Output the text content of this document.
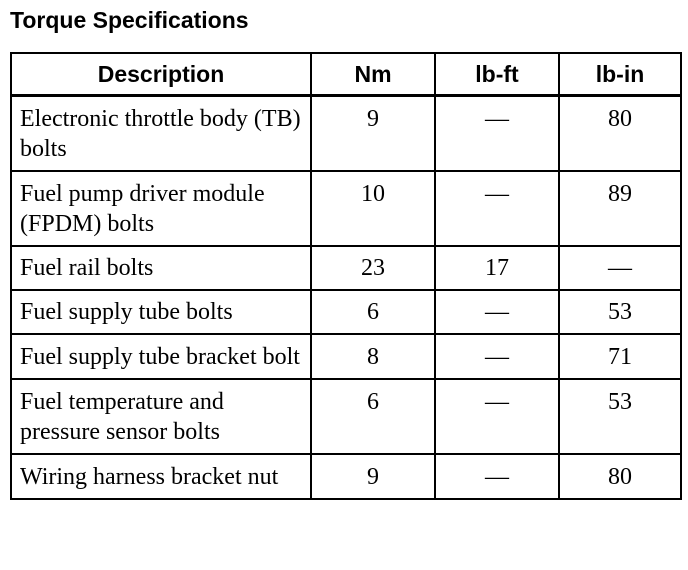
Torque Specifications
Description	Nm	lb-ft	lb-in
Electronic throttle body (TB) bolts	9	—	80
Fuel pump driver module (FPDM) bolts	10	—	89
Fuel rail bolts	23	17	—
Fuel supply tube bolts	6	—	53
Fuel supply tube bracket bolt	8	—	71
Fuel temperature and pressure sensor bolts	6	—	53
Wiring harness bracket nut	9	—	80
